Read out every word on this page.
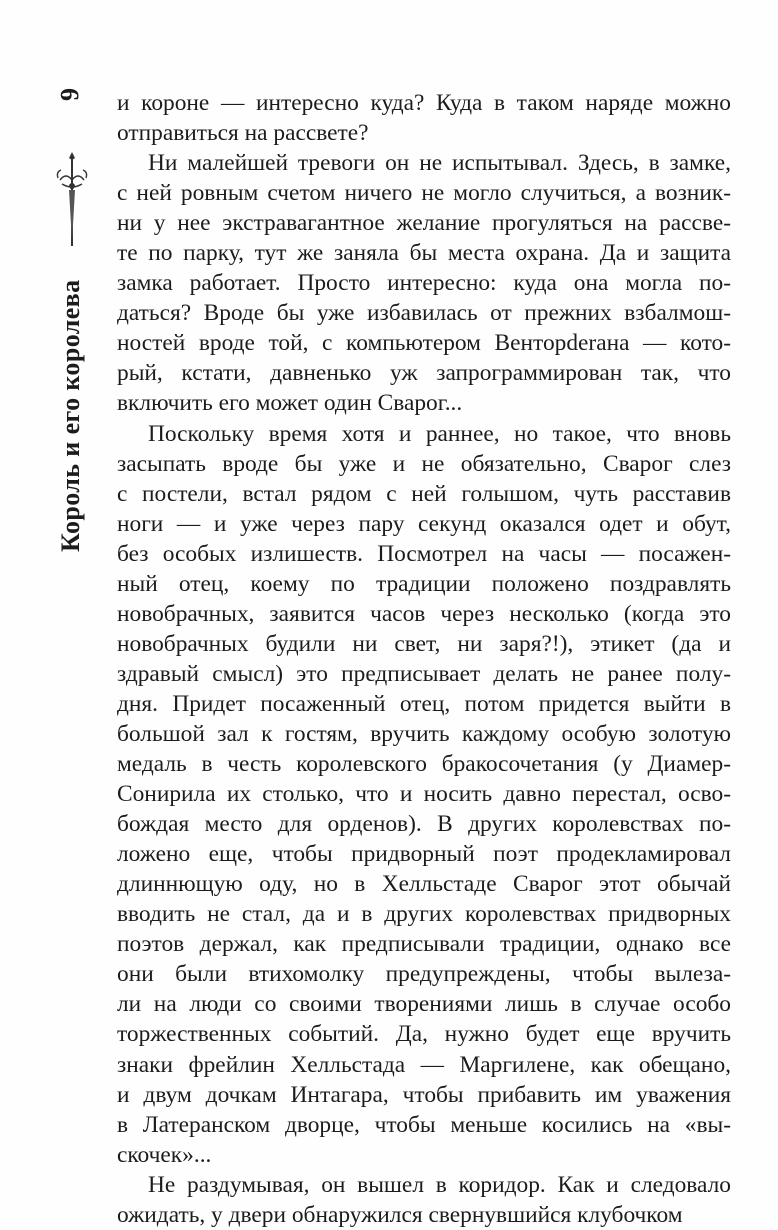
6
Король и его королева
и короне — интересно куда? Куда в таком наряде можно
отправиться на рассвете?
Ни малейшей тревоги он не испытывал. Здесь, в замке,
с ней ровным счетом ничего не могло случиться, а возник-
ни у нее экстравагантное желание прогуляться на рассве-
те по парку, тут же заняла бы места охрана. Да и защита
замка работает. Просто интересно: куда она могла по-
даться? Вроде бы уже избавилась от прежних взбалмош-
ностей вроде той, с компьютером Венторderана — кото-
рый, кстати, давненько уж запрограммирован так, что
включить его может один Сварог...
Поскольку время хотя и раннее, но такое, что вновь
засыпать вроде бы уже и не обязательно, Сварог слез
с постели, встал рядом с ней голышом, чуть расставив
ноги — и уже через пару секунд оказался одет и обут,
без особых излишеств. Посмотрел на часы — посажен-
ный отец, коему по традиции положено поздравлять
новобрачных, заявится часов через несколько (когда это
новобрачных будили ни свет, ни заря?!), этикет (да и
здравый смысл) это предписывает делать не ранее полу-
дня. Придет посаженный отец, потом придется выйти в
большой зал к гостям, вручить каждому особую золотую
медаль в честь королевского бракосочетания (у Диамер-
Сонирила их столько, что и носить давно перестал, осво-
бождая место для орденов). В других королевствах по-
ложено еще, чтобы придворный поэт продекламировал
длиннющую оду, но в Хелльстаде Сварог этот обычай
вводить не стал, да и в других королевствах придворных
поэтов держал, как предписывали традиции, однако все
они были втихомолку предупреждены, чтобы вылеза-
ли на люди со своими творениями лишь в случае особо
торжественных событий. Да, нужно будет еще вручить
знаки фрейлин Хелльстада — Маргилене, как обещано,
и двум дочкам Интагара, чтобы прибавить им уважения
в Латеранском дворце, чтобы меньше косились на «вы-
скочек»...
Не раздумывая, он вышел в коридор. Как и следовало
ожидать, у двери обнаружился свернувшийся клубочком
